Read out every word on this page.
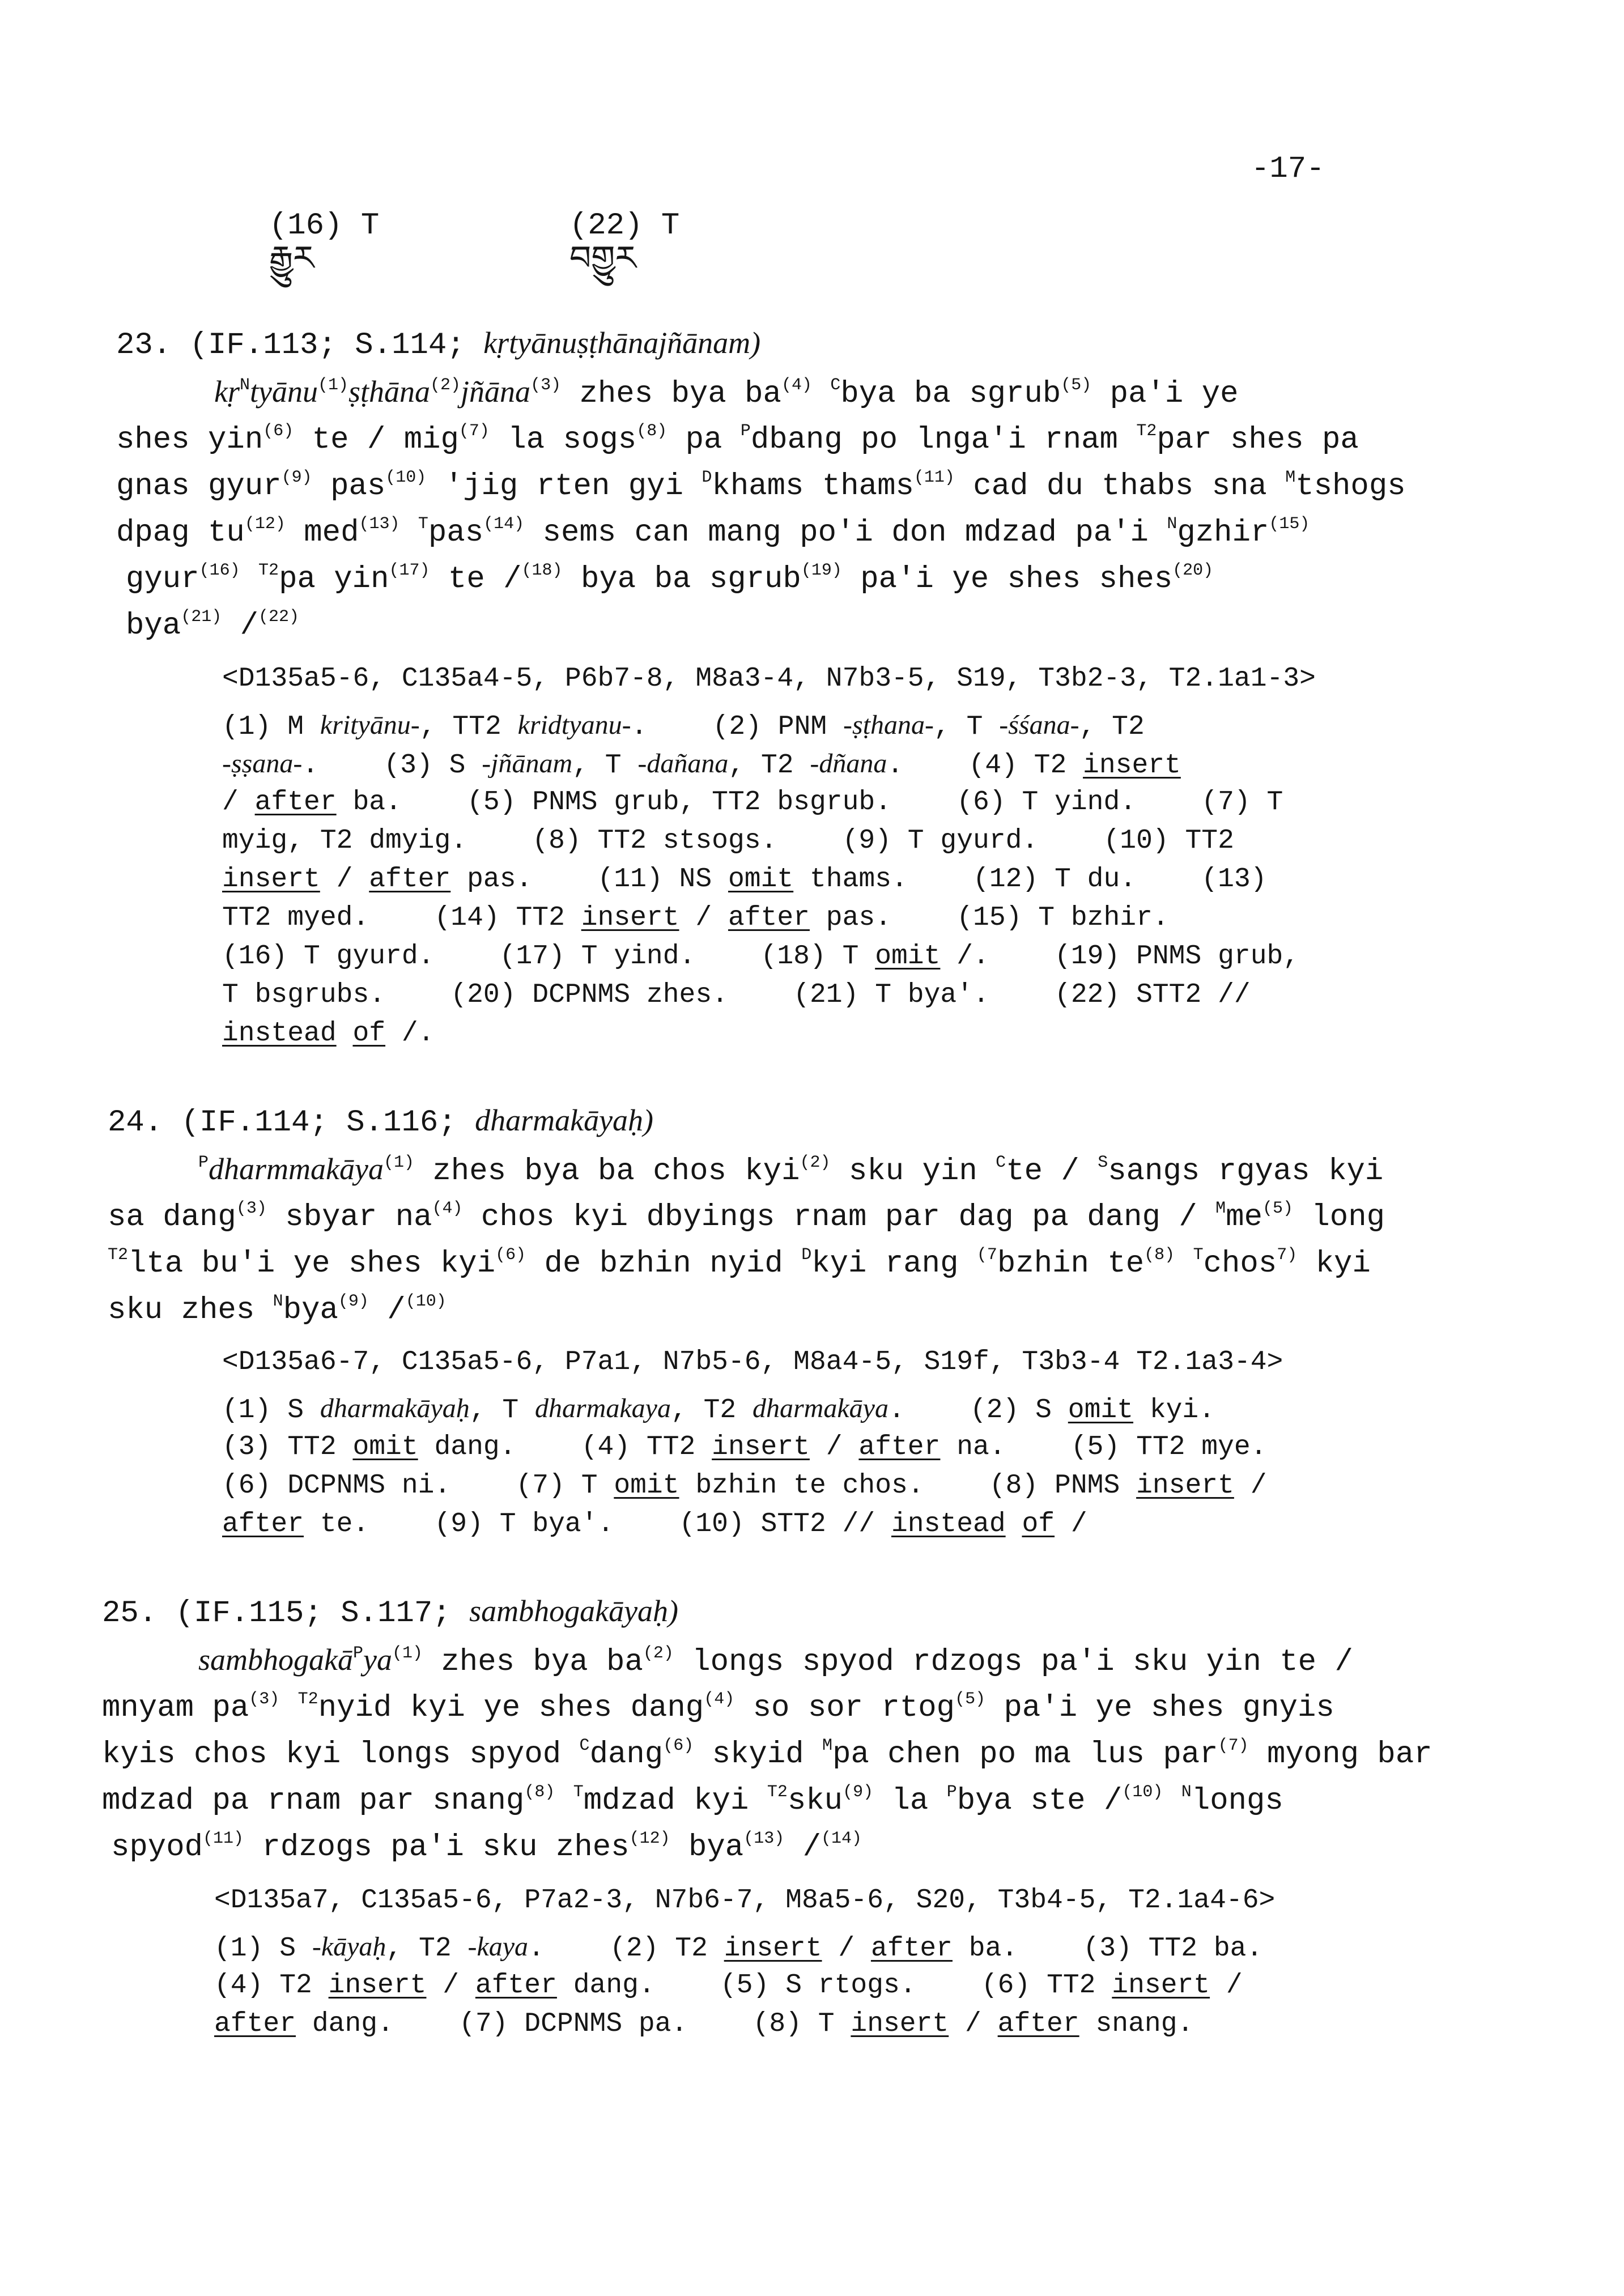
-17-

(16) T
རྒྱུར

(22) T
བགྱུར

23. (IF.113; S.114; kṛtyānuṣṭhānajñānam)
kṛ$^N$tyānu$^{(1)}$ṣṭhāna$^{(2)}$jñāna$^{(3)}$ zhes bya $ba^{(4)}$ $^C$bya ba sgrub$^{(5)}$ pa'i ye
shes yin$^{(6)}$ te / mig$^{(7)}$ la sogs$^{(8)}$ pa $^P$dbang po lnga'i rnam $^{T2}$par shes pa
gnas gyur$^{(9)}$ pas$^{(10)}$ 'jig rten gyi $^D$khams thams$^{(11)}$ cad du thabs sna $^M$tshogs
dpag $tu^{(12)}$ med$^{(13)}$ $^T$pas$^{(14)}$ sems can mang po'i don mdzad pa'i $^N$gzhir$^{(15)}$
gyur$^{(16)}$ $^{T2}$pa yin$^{(17)}$ te /$^{(18)}$ bya ba sgrub$^{(19)}$ pa'i ye shes shes$^{(20)}$
bya$^{(21)}$ /$^{(22)}$
<D135a5-6, C135a4-5, P6b7-8, M8a3-4, N7b3-5, S19, T3b2-3, T2.1a1-3>
(1) M krityānu-, TT2 kridtyanu-.    (2) PNM -ṣṭhana-, T -śśana-, T2
-ṣṣana-.    (3) S -jñānam, T -dañana, T2 -dñana.    (4) T2 insert
/ after ba.    (5) PNMS grub, TT2 bsgrub.    (6) T yind.    (7) T
myig, T2 dmyig.    (8) TT2 stsogs.    (9) T gyurd.    (10) TT2
insert / after pas.    (11) NS omit thams.    (12) T du.    (13)
TT2 myed.    (14) TT2 insert / after pas.    (15) T bzhir.
(16) T gyurd.    (17) T yind.    (18) T omit /.    (19) PNMS grub,
T bsgrubs.    (20) DCPNMS zhes.    (21) T bya'.    (22) STT2 //
instead of /.
24. (IF.114; S.116; dharmakāyaḥ)
$^P$dharmmakāya$^{(1)}$ zhes bya ba chos kyi$^{(2)}$ sku yin $^C$te / $^S$sangs rgyas kyi
sa dang$^{(3)}$ sbyar $na^{(4)}$ chos kyi dbyings rnam par dag pa dang / $^Mme^{(5)}$ long
$^{T2}$lta bu'i ye shes kyi$^{(6)}$ de bzhin nyid $^D$kyi rang $^{(7}$bzhin $te^{(8)}$ $^T$chos$^{7)}$ kyi
sku zhes $^N$bya$^{(9)}$ /$^{(10)}$
<D135a6-7, C135a5-6, P7a1, N7b5-6, M8a4-5, S19f, T3b3-4 T2.1a3-4>
(1) S dharmakāyaḥ, T dharmakaya, T2 dharmakāya.    (2) S omit kyi.
(3) TT2 omit dang.    (4) TT2 insert / after na.    (5) TT2 mye.
(6) DCPNMS ni.    (7) T omit bzhin te chos.    (8) PNMS insert /
after te.    (9) T bya'.    (10) STT2 // instead of /
25. (IF.115; S.117; sambhogakāyaḥ)
$sambhogakā^Pya^{(1)}$ zhes bya $ba^{(2)}$ longs spyod rdzogs pa'i sku yin te /
mnyam $pa^{(3)}$ $^{T2}$nyid kyi ye shes dang$^{(4)}$ so sor rtog$^{(5)}$ pa'i ye shes gnyis
kyis chos kyi longs spyod $^C$dang$^{(6)}$ skyid $^M$pa chen po ma lus par$^{(7)}$ myong bar
mdzad pa rnam par snang$^{(8)}$ $^T$mdzad kyi $^{T2}$sku$^{(9)}$ la $^P$bya ste /$^{(10)}$ $^N$longs
spyod$^{(11)}$ rdzogs pa'i sku zhes$^{(12)}$ bya$^{(13)}$ /$^{(14)}$
<D135a7, C135a5-6, P7a2-3, N7b6-7, M8a5-6, S20, T3b4-5, T2.1a4-6>
(1) S -kāyaḥ, T2 -kaya.    (2) T2 insert / after ba.    (3) TT2 ba.
(4) T2 insert / after dang.    (5) S rtogs.    (6) TT2 insert /
after dang.    (7) DCPNMS pa.    (8) T insert / after snang.
